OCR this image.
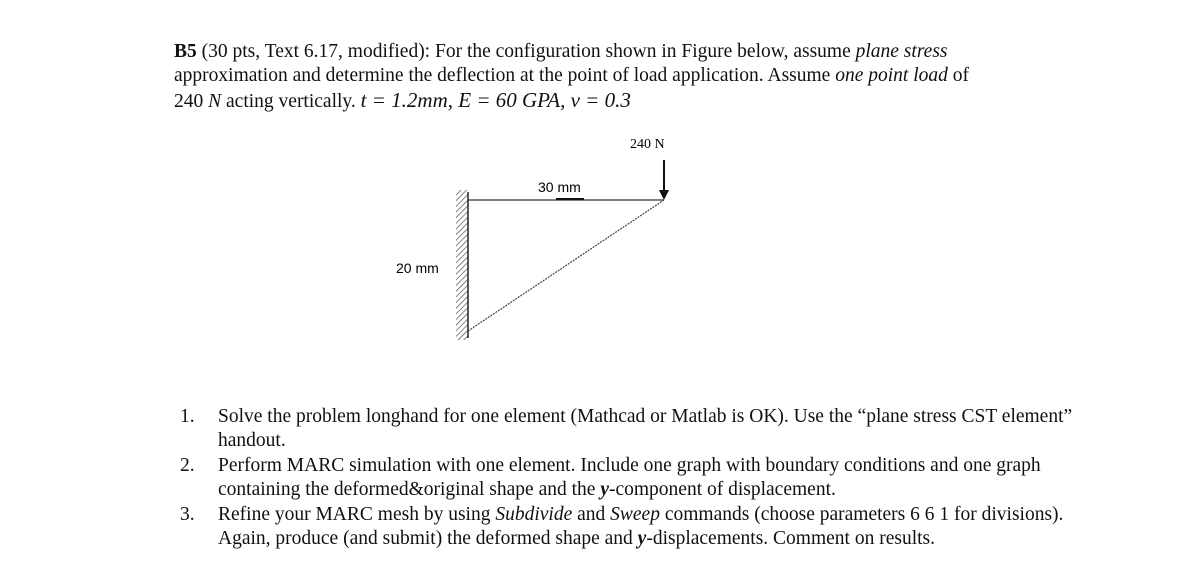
B5 (30 pts, Text 6.17, modified): For the configuration shown in Figure below, assume plane stress
approximation and determine the deflection at the point of load application. Assume one point load of
240 N acting vertically. t = 1.2mm, E = 60 GPA, ν = 0.3
240 N
30 mm
20 mm
1. Solve the problem longhand for one element (Mathcad or Matlab is OK). Use the “plane stress CST element” handout.
2. Perform MARC simulation with one element. Include one graph with boundary conditions and one graph containing the deformed&original shape and the y-component of displacement.
3. Refine your MARC mesh by using Subdivide and Sweep commands (choose parameters 6 6 1 for divisions). Again, produce (and submit) the deformed shape and y-displacements. Comment on results.
